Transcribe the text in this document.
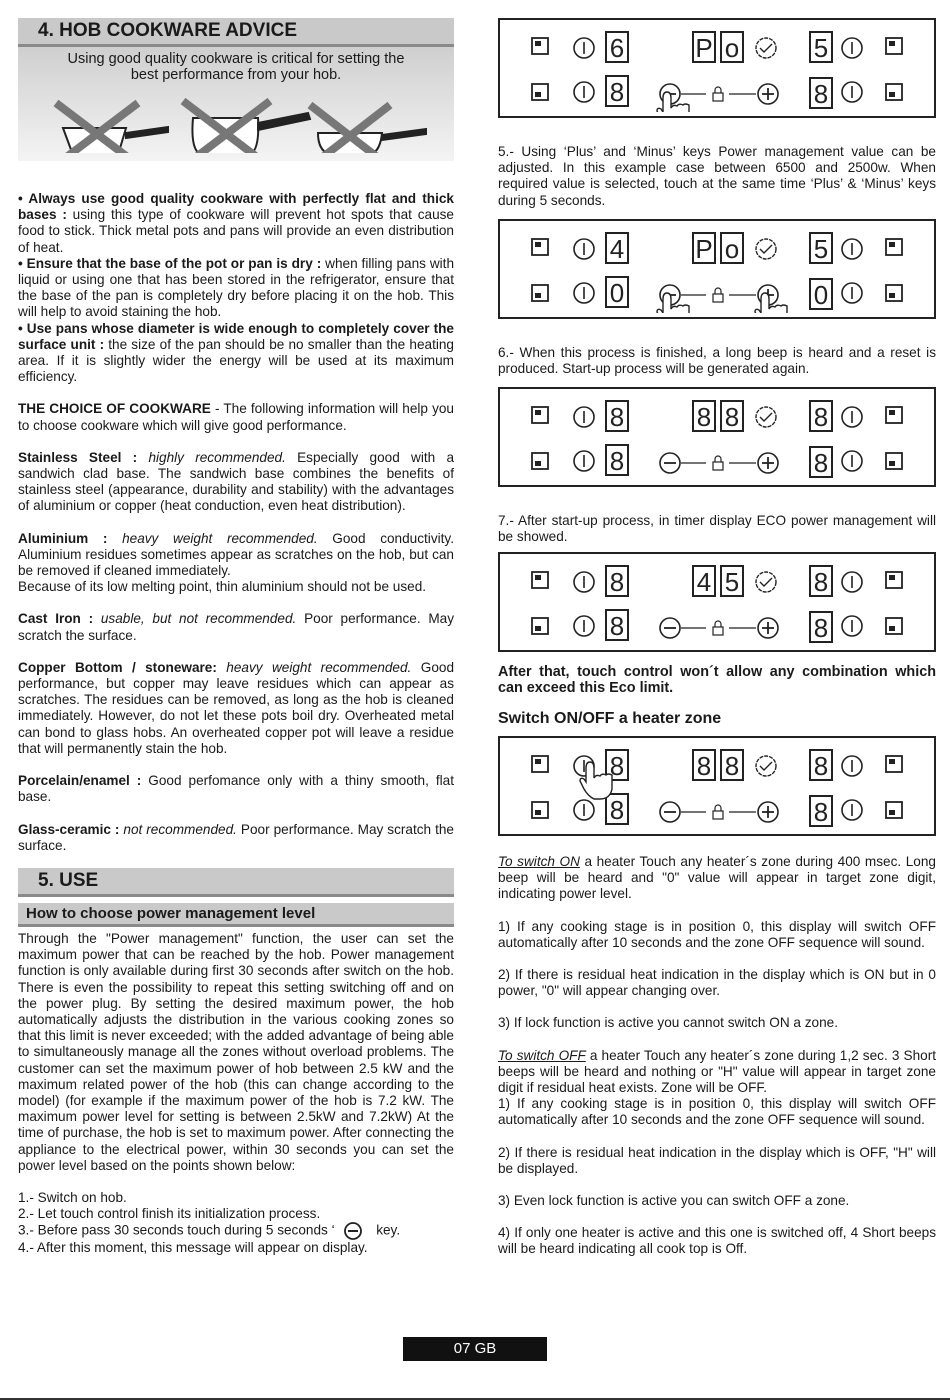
4. HOB COOKWARE ADVICE
Using good quality cookware is critical for setting the best performance from your hob.

• Always use good quality cookware with perfectly flat and thick bases : using this type of cookware will prevent hot spots that cause food to stick. Thick metal pots and pans will provide an even distribution of heat.

• Ensure that the base of the pot or pan is dry : when filling pans with liquid or using one that has been stored in the refrigerator, ensure that the base of the pan is completely dry before placing it on the hob. This will help to avoid staining the hob.

• Use pans whose diameter is wide enough to completely cover the surface unit : the size of the pan should be no smaller than the heating area. If it is slightly wider the energy will be used at its maximum efficiency.

THE CHOICE OF COOKWARE - The following information will help you to choose cookware which will give good performance.

Stainless Steel : highly recommended. Especially good with a sandwich clad base. The sandwich base combines the benefits of stainless steel (appearance, durability and stability) with the advantages of aluminium or copper (heat conduction, even heat distribution).

Aluminium : heavy weight recommended. Good conductivity. Aluminium residues sometimes appear as scratches on the hob, but can be removed if cleaned immediately.

Because of its low melting point, thin aluminium should not be used.

Cast Iron : usable, but not recommended. Poor performance. May scratch the surface.

Copper Bottom / stoneware: heavy weight recommended. Good performance, but copper may leave residues which can appear as scratches. The residues can be removed, as long as the hob is cleaned immediately. However, do not let these pots boil dry. Overheated metal can bond to glass hobs. An overheated copper pot will leave a residue that will permanently stain the hob.

Porcelain/enamel : Good perfomance only with a thiny smooth, flat base.

Glass-ceramic : not recommended. Poor performance. May scratch the surface.

5. USE
How to choose power management level

Through the "Power management" function, the user can set the maximum power that can be reached by the hob. Power management function is only available during first 30 seconds after switch on the hob. There is even the possibility to repeat this setting switching off and on the power plug. By setting the desired maximum power, the hob automatically adjusts the distribution in the various cooking zones so that this limit is never exceeded; with the added advantage of being able to simultaneously manage all the zones without overload problems. The customer can set the maximum power of hob between 2.5 kW and the maximum related power of the hob (this can change according to the model) (for example if the maximum power of the hob is 7.2 kW. The maximum power level for setting is between 2.5kW and 7.2kW) At the time of purchase, the hob is set to maximum power. After connecting the appliance to the electrical power, within 30 seconds you can set the power level based on the points shown below:

1.- Switch on hob.

2.- Let touch control finish its initialization process.

3.- Before pass 30 seconds touch during 5 seconds ‘	key.

4.- After this moment, this message will appear on display.

6	P o	5
8	8

5.- Using ‘Plus’ and ‘Minus’ keys Power management value can be adjusted. In this example case between 6500 and 2500w. When required value is selected, touch at the same time ‘Plus’ & ‘Minus’ keys during 5 seconds.

4	P o	5
0	0

6.- When this process is finished, a long beep is heard and a reset is produced. Start-up process will be generated again.

8	8 8	8
8	8

7.- After start-up process, in timer display ECO power management will be showed.

8	4 5	8
8	8

After that, touch control won´t allow any combination which can exceed this Eco limit.

Switch ON/OFF a heater zone
8	8 8	8
8	8

To switch ON a heater Touch any heater´s zone during 400 msec. Long beep will be heard and "0" value will appear in target zone digit, indicating power level.

1) If any cooking stage is in position 0, this display will switch OFF automatically after 10 seconds and the zone OFF sequence will sound.

2) If there is residual heat indication in the display which is ON but in 0 power, "0" will appear changing over.

3) If lock function is active you cannot switch ON a zone.

To switch OFF a heater Touch any heater´s zone during 1,2 sec. 3 Short beeps will be heard and nothing or "H" value will appear in target zone digit if residual heat exists. Zone will be OFF.

1) If any cooking stage is in position 0, this display will switch OFF automatically after 10 seconds and the zone OFF sequence will sound.

2) If there is residual heat indication in the display which is OFF, "H" will be displayed.

3) Even lock function is active you can switch OFF a zone.

4) If only one heater is active and this one is switched off, 4 Short beeps will be heard indicating all cook top is Off.

07 GB
